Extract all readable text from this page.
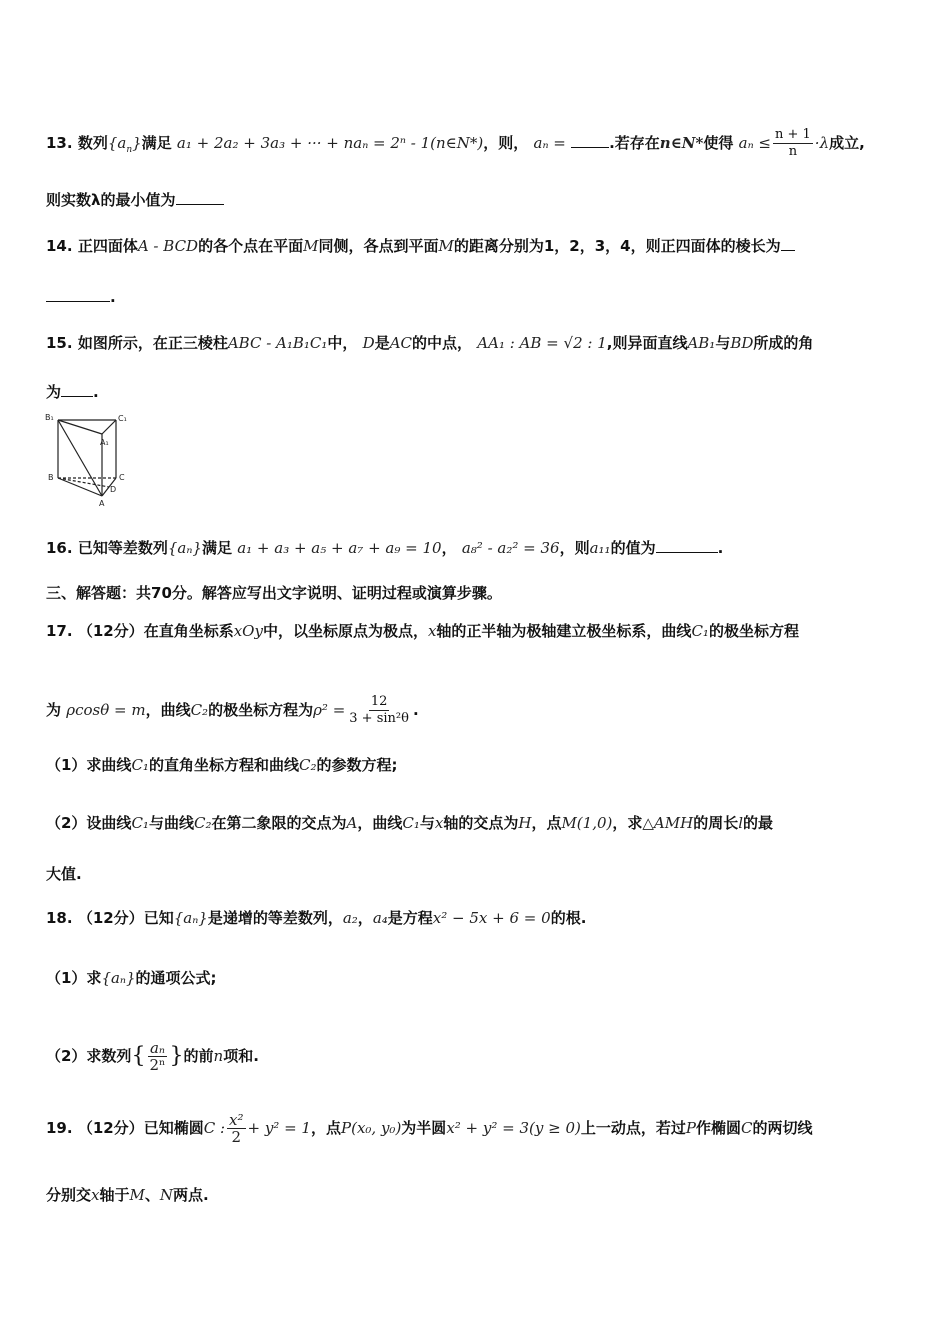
13. 数列$\{a_n\}$满足 a₁ + 2a₂ + 3a₃ + ··· + naₙ = 2ⁿ - 1(n∈N*)，则， aₙ =	.若存在n∈N*使得 $a_n \le \frac{n + 1}{n} \cdot\lambda$成立,
则实数λ的最小值为
14. 正四面体A - BCD的各个点在平面M同侧，各点到平面M的距离分别为1，2，3，4，则正四面体的棱长为
.
15. 如图所示，在正三棱柱ABC - A₁B₁C₁中， D是AC的中点， AA₁ : AB = √2 : 1,则异面直线AB₁与BD所成的角
为 .
B₁	C₁
A₁
B	C
D
A
16. 已知等差数列{aₙ}满足 a₁ + a₃ + a₅ + a₇ + a₉ = 10， a₈² - a₂² = 36，则a₁₁的值为	.
三、解答题：共70分。解答应写出文字说明、证明过程或演算步骤。
17. （12分）在直角坐标系xOy中，以坐标原点为极点，x轴的正半轴为极轴建立极坐标系，曲线C₁的极坐标方程
为 ρcosθ = m，曲线C₂的极坐标方程为$\rho^2 = \frac{12}{\text{3 + sin²θ}}$ .
（1）求曲线C₁的直角坐标方程和曲线C₂的参数方程;
（2）设曲线C₁与曲线C₂在第二象限的交点为A，曲线C₁与x轴的交点为H，点M(1,0)，求△AMH的周长l的最
大值.
18. （12分）已知{aₙ}是递增的等差数列，a₂，a₄是方程x² − 5x + 6 = 0的根.
（1）求{aₙ}的通项公式;
（2）求数列{ $\frac{\text{aₙ}}{\text{2ⁿ}}$ }的前n项和.
19. （12分）已知椭圆C : $\frac{\text{x²}}{2} + y^2 = 1$，点P(x₀, y₀)为半圆x² + y² = 3(y ≥ 0)上一动点，若过P作椭圆C的两切线
分别交x轴于M、N两点.
